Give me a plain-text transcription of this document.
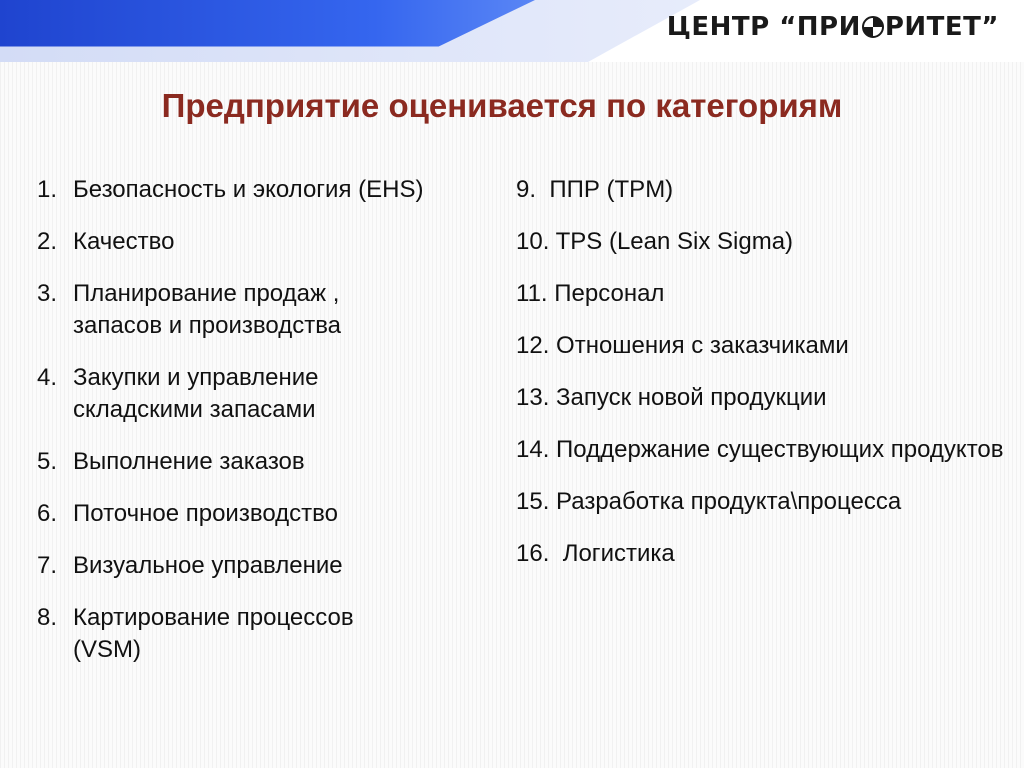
ЦЕНТР “ПРИ РИТЕТ”
Предприятие оценивается по категориям
1. Безопасность и экология (EHS)
2. Качество
3. Планирование продаж , запасов и производства
4. Закупки и управление складскими запасами
5. Выполнение заказов
6. Поточное производство
7. Визуальное управление
8. Картирование процессов (VSM)
9.  ППР (TPM)
10. TPS (Lean Six Sigma)
11. Персонал
12. Отношения с заказчиками
13. Запуск новой продукции
14. Поддержание существующих продуктов
15. Разработка продукта\процесса
16.  Логистика
